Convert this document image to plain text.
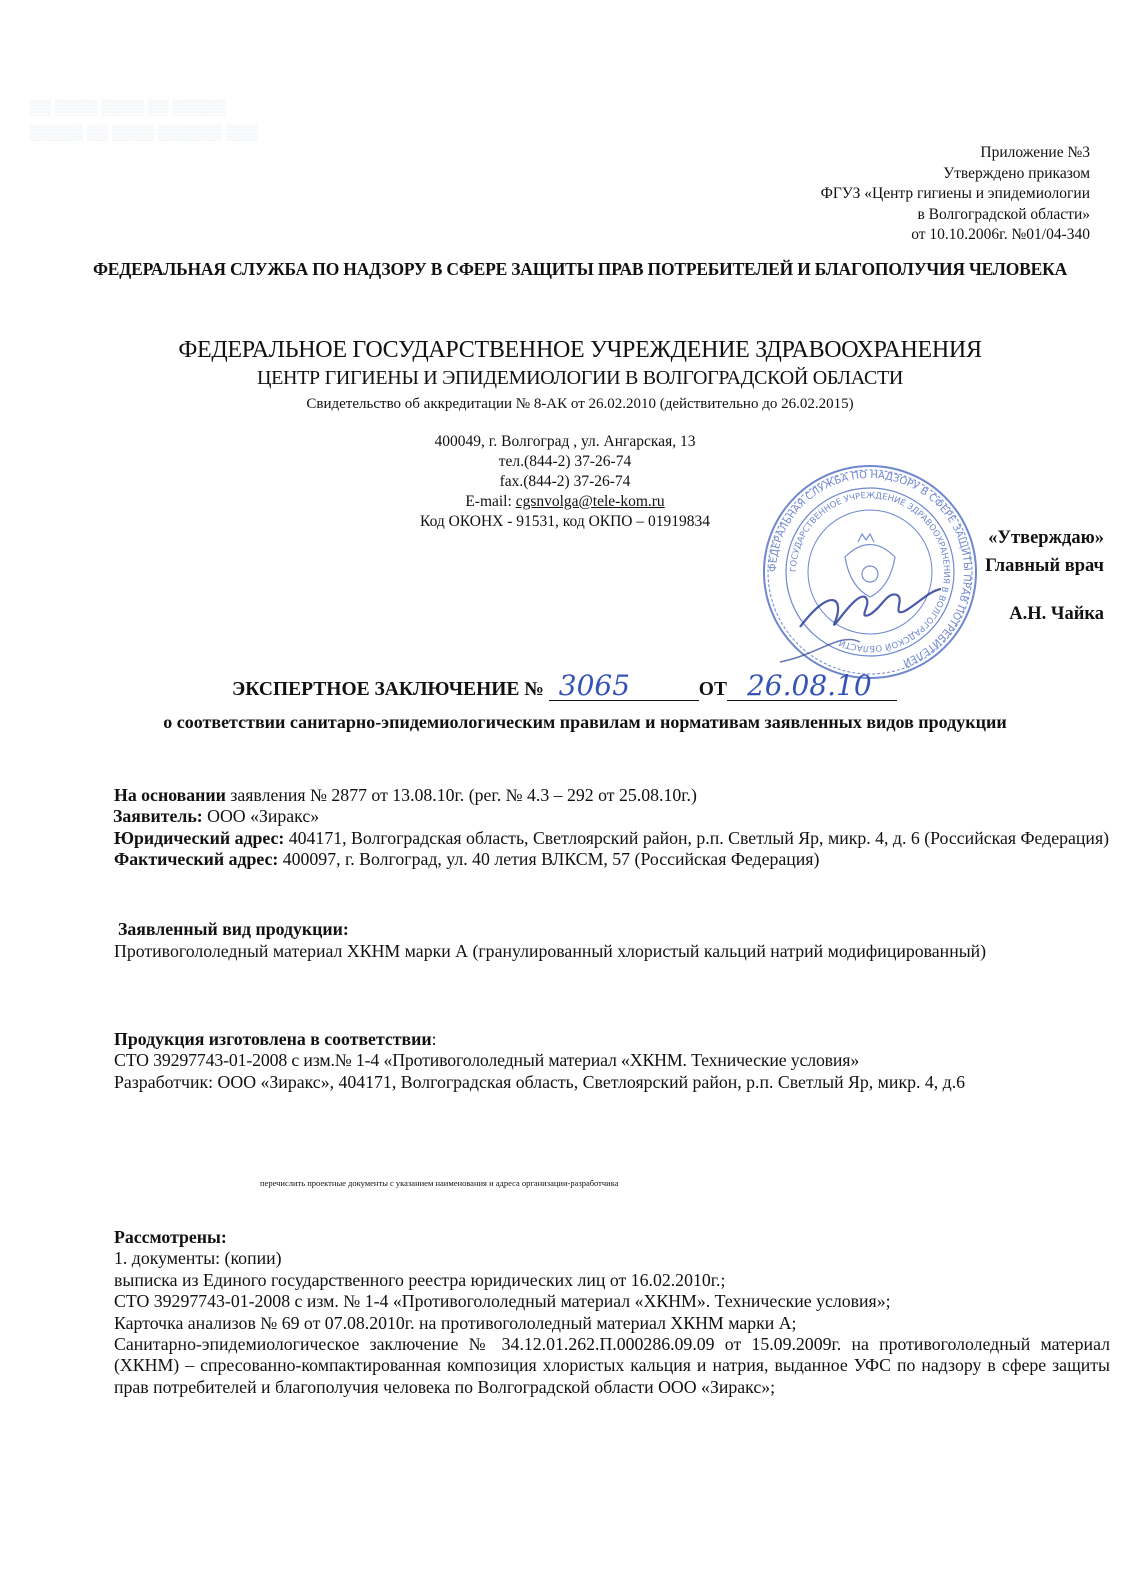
▒▒ ▒▒▒▒ ▒▒▒▒ ▒▒ ▒▒▒▒▒
▒▒▒▒▒ ▒▒ ▒▒▒▒ ▒▒▒▒▒▒ ▒▒▒
Приложение №3
Утверждено приказом
ФГУЗ «Центр гигиены и эпидемиологии
в Волгоградской области»
от 10.10.2006г. №01/04-340
ФЕДЕРАЛЬНАЯ СЛУЖБА ПО НАДЗОРУ В СФЕРЕ ЗАЩИТЫ ПРАВ ПОТРЕБИТЕЛЕЙ И БЛАГОПОЛУЧИЯ ЧЕЛОВЕКА
ФЕДЕРАЛЬНОЕ ГОСУДАРСТВЕННОЕ УЧРЕЖДЕНИЕ ЗДРАВООХРАНЕНИЯ
ЦЕНТР ГИГИЕНЫ И ЭПИДЕМИОЛОГИИ В ВОЛГОГРАДСКОЙ ОБЛАСТИ
Свидетельство об аккредитации № 8-АК от 26.02.2010 (действительно до 26.02.2015)
400049, г. Волгоград , ул. Ангарская, 13
тел.(844-2) 37-26-74
fax.(844-2) 37-26-74
E-mail: cgsnvolga@tele-kom.ru
Код ОКОНХ - 91531, код ОКПО – 01919834
ФЕДЕРАЛЬНАЯ СЛУЖБА ПО НАДЗОРУ В СФЕРЕ ЗАЩИТЫ ПРАВ ПОТРЕБИТЕЛЕЙ
ГОСУДАРСТВЕННОЕ УЧРЕЖДЕНИЕ ЗДРАВООХРАНЕНИЯ В ВОЛГОГРАДСКОЙ ОБЛАСТИ
«Утверждаю»
Главный врач
А.Н. Чайка
ЭКСПЕРТНОЕ ЗАКЛЮЧЕНИЕ № 3065	ОТ 26.08.10
о соответствии санитарно-эпидемиологическим правилам и нормативам заявленных видов продукции

На основании заявления № 2877 от 13.08.10г. (рег. № 4.3 – 292 от 25.08.10г.)

Заявитель: ООО «Зиракс»

Юридический адрес: 404171, Волгоградская область, Светлоярский район, р.п. Светлый Яр, микр. 4, д. 6 (Российская Федерация)

Фактический адрес: 400097, г. Волгоград, ул. 40 летия ВЛКСМ, 57 (Российская Федерация)

Заявленный вид продукции:

Противогололедный материал ХКНМ марки А (гранулированный хлористый кальций натрий модифицированный)

Продукция изготовлена в соответствии:

СТО 39297743-01-2008 с изм.№ 1-4 «Противогололедный материал «ХКНМ. Технические условия»

Разработчик: ООО «Зиракс», 404171, Волгоградская область, Светлоярский район, р.п. Светлый Яр, микр. 4, д.6

перечислить проектные документы с указанием наименования и адреса организации-разработчика

Рассмотрены:

1. документы: (копии)

выписка из Единого государственного реестра юридических лиц от 16.02.2010г.;

СТО 39297743-01-2008 с изм. № 1-4 «Противогололедный материал «ХКНМ». Технические условия»;

Карточка анализов № 69 от 07.08.2010г. на противогололедный материал ХКНМ марки А;

Санитарно-эпидемиологическое заключение № 34.12.01.262.П.000286.09.09 от 15.09.2009г. на противогололедный материал (ХКНМ) – спресованно-компактированная композиция хлористых кальция и натрия, выданное УФС по надзору в сфере защиты прав потребителей и благополучия человека по Волгоградской области ООО «Зиракс»;
